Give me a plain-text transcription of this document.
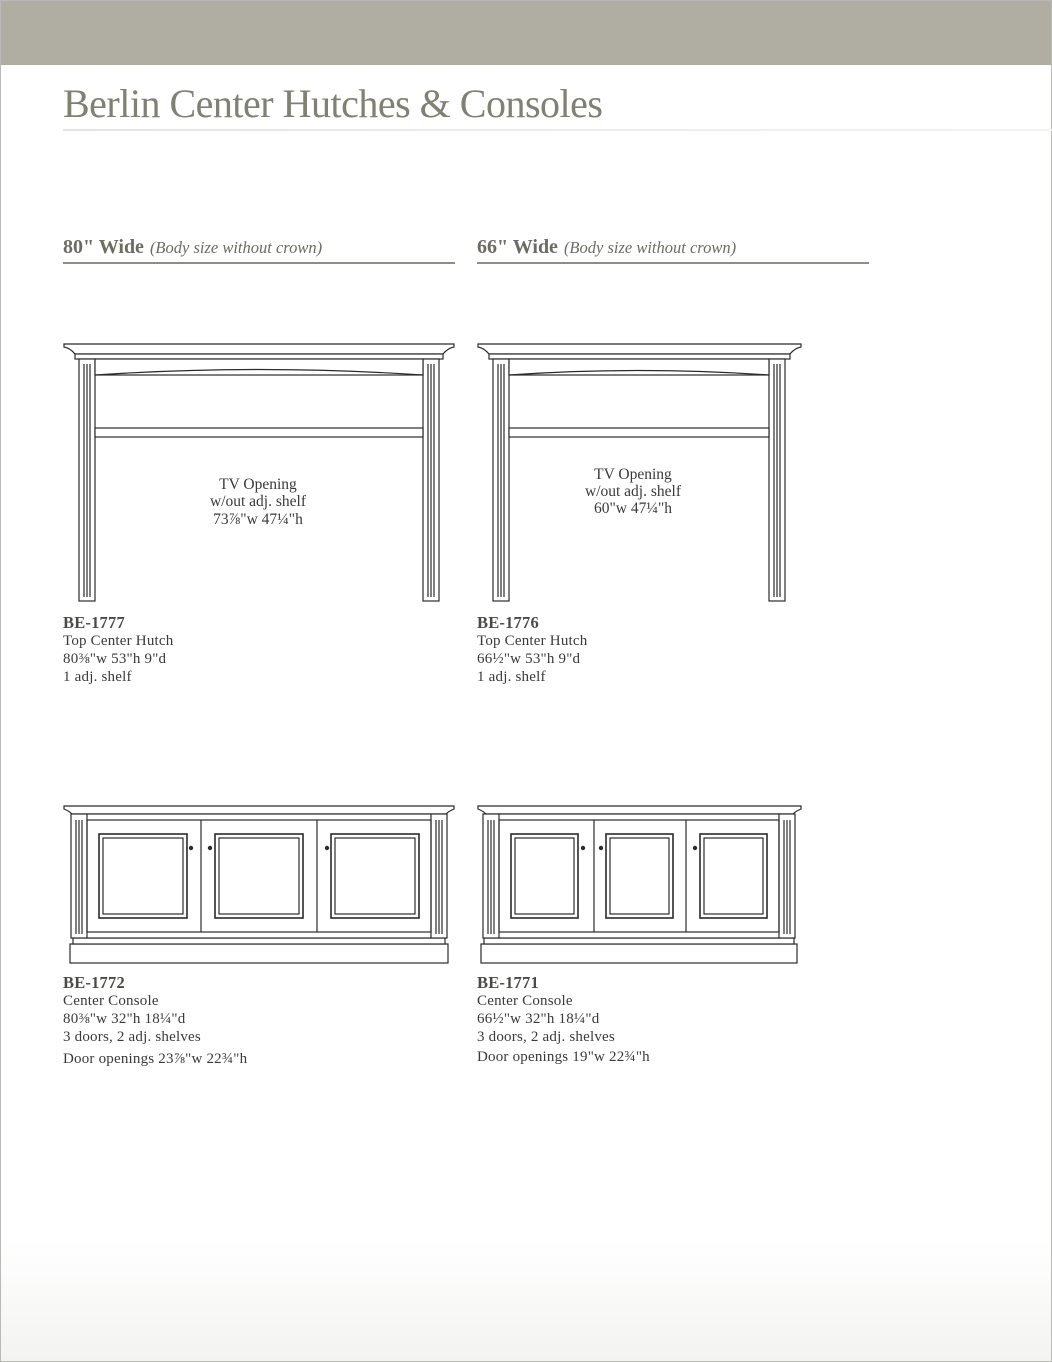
Berlin Center Hutches & Consoles
80" Wide (Body size without crown)	66" Wide (Body size without crown)
TV Opening
w/out adj. shelf
73⅞"w 47¼"h
TV Opening
w/out adj. shelf
60"w 47¼"h
BE-1777
Top Center Hutch
80⅜"w 53"h 9"d
1 adj. shelf
BE-1776
Top Center Hutch
66½"w 53"h 9"d
1 adj. shelf
BE-1772
Center Console
80⅜"w 32"h 18¼"d
3 doors, 2 adj. shelves
Door openings 23⅞"w 22¾"h
BE-1771
Center Console
66½"w 32"h 18¼"d
3 doors, 2 adj. shelves
Door openings 19"w 22¾"h
